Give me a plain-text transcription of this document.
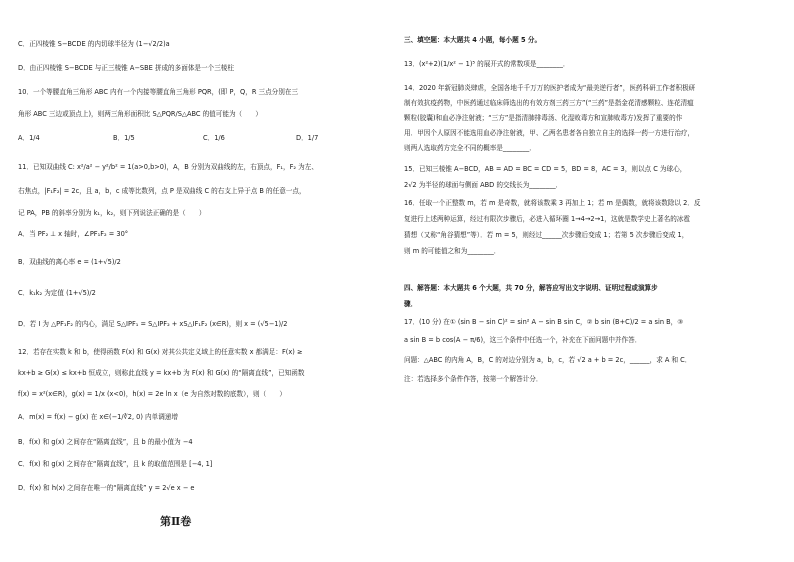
C．正四棱锥 S−BCDE 的内切球半径为 (1−√2/2)a
D．由正四棱锥 S−BCDE 与正三棱锥 A−SBE 拼成的多面体是一个三棱柱
10．一个等腰直角三角形 ABC 内有一个内接等腰直角三角形 PQR，(即 P，Q，R 三点分别在三
角形 ABC 三边或顶点上)，则两三角形面积比 S△PQR/S△ABC 的值可能为（　　）
A．1/4	B．1/5	C．1/6	D．1/7
11．已知双曲线 C: x²/a² − y²/b² = 1(a>0,b>0)，A，B 分别为双曲线的左，右顶点，F₁，F₂ 为左、
右焦点，|F₁F₂| = 2c，且 a，b，c 成等比数列，点 P 是双曲线 C 的右支上异于点 B 的任意一点，
记 PA，PB 的斜率分别为 k₁，k₂，则下列说法正确的是（　　）
A．当 PF₂ ⊥ x 轴时，∠PF₁F₂ = 30°
B．双曲线的离心率 e = (1+√5)/2
C．k₁k₂ 为定值 (1+√5)/2
D．若 I 为 △PF₁F₂ 的内心，满足 S△IPF₁ = S△IPF₂ + xS△IF₁F₂ (x∈R)，则 x = (√5−1)/2
12．若存在实数 k 和 b，使得函数 F(x) 和 G(x) 对其公共定义域上的任意实数 x 都满足：F(x) ≥
kx+b ≥ G(x) ≤ kx+b 恒成立，则称此直线 y = kx+b 为 F(x) 和 G(x) 的“隔离直线”，已知函数
f(x) = x²(x∈R)，g(x) = 1/x (x<0)，h(x) = 2e ln x（e 为自然对数的底数），则（　　）
A．m(x) = f(x) − g(x) 在 x∈(−1/∛2, 0) 内单调递增
B．f(x) 和 g(x) 之间存在“隔离直线”，且 b 的最小值为 −4
C．f(x) 和 g(x) 之间存在“隔离直线”，且 k 的取值范围是 [−4, 1]
D．f(x) 和 h(x) 之间存在唯一的“隔离直线” y = 2√e x − e
第Ⅱ卷
三、填空题：本大题共 4 小题，每小题 5 分。
13．(x²+2)(1/x² − 1)⁵ 的展开式的常数项是________．
14．2020 年新冠肺炎肆虐，全国各地千千万万的医护者成为“最美逆行者”，医药科研工作者积极研
制有效抗疫药物，中医药通过临床筛选出的有效方剂三药三方”(“三药”是指金花清感颗粒、连花清瘟
颗粒(胶囊)和血必净注射液；“三方”是指清肺排毒汤、化湿败毒方和宣肺败毒方)发挥了重要的作
用．甲因个人原因不能选用血必净注射液，甲、乙两名患者各自独立自主的选择一药一方进行治疗，
则两人选取药方完全不同的概率是________．
15．已知三棱锥 A−BCD，AB = AD = BC = CD = 5，BD = 8，AC = 3，则以点 C 为球心，
2√2 为半径的球面与侧面 ABD 的交线长为________．
16．任取一个正整数 m，若 m 是奇数，就将该数乘 3 再加上 1；若 m 是偶数，就将该数除以 2．反
复进行上述两种运算，经过有限次步骤后，必进入循环圈 1→4→2→1，这就是数学史上著名的冰雹
猜想（又称“角谷猜想”等）．若 m = 5，则经过______次步骤后变成 1；若第 5 次步骤后变成 1，
则 m 的可能值之和为________．
四、解答题：本大题共 6 个大题，共 70 分，解答应写出文字说明、证明过程或演算步
骤．
17．(10 分) 在① (sin B − sin C)² = sin² A − sin B sin C，② b sin (B+C)/2 = a sin B，③
a sin B = b cos(A − π/6)，这三个条件中任选一个，补充在下面问题中并作答．
问题：△ABC 的内角 A，B，C 的对边分别为 a，b，c，若 √2 a + b = 2c，______，求 A 和 C．
注：若选择多个条件作答，按第一个解答计分．
